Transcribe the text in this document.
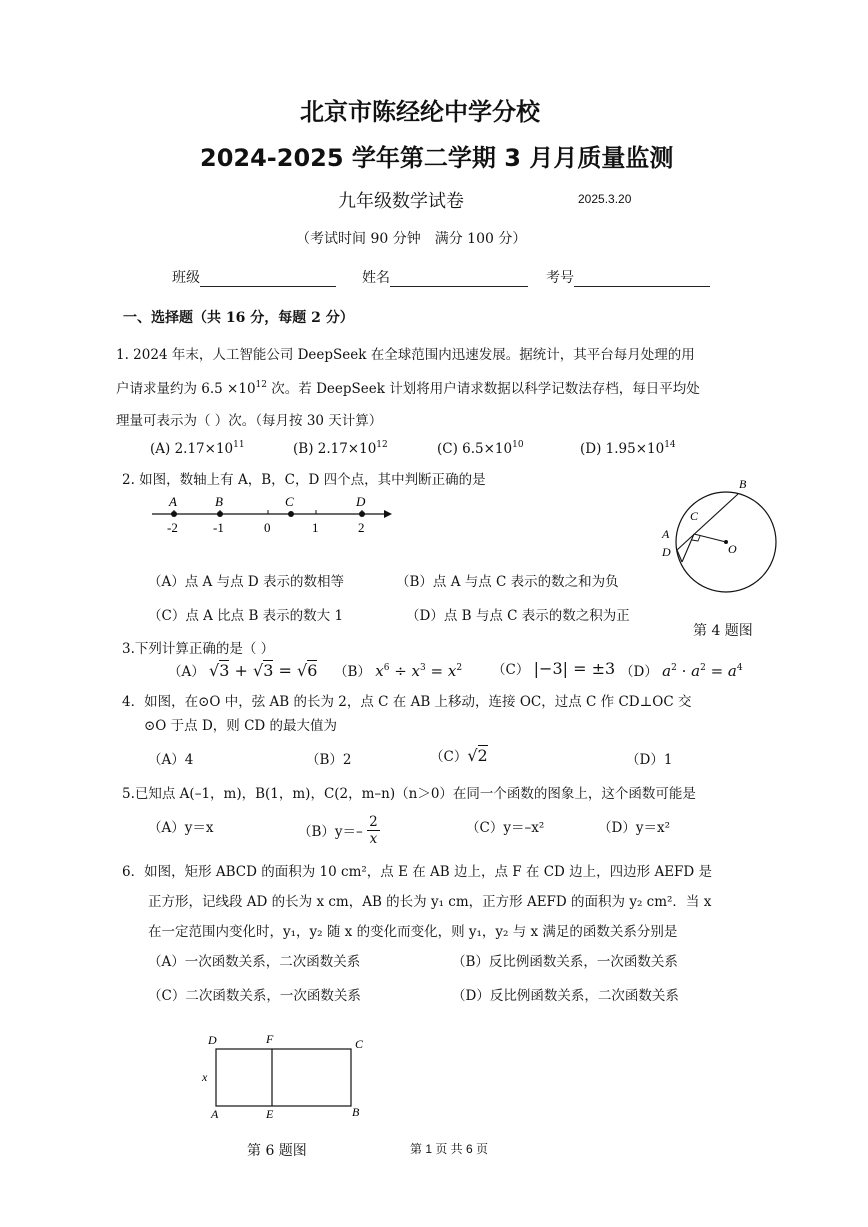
北京市陈经纶中学分校
2024-2025 学年第二学期 3 月月质量监测
九年级数学试卷	2025.3.20
（考试时间 90 分钟　满分 100 分）
班级	姓名	考号
一、选择题（共 16 分，每题 2 分）
1. 2024 年末，人工智能公司 DeepSeek 在全球范围内迅速发展。据统计，其平台每月处理的用
户请求量约为 $6.5 \times 10^{12}$ 次。若 DeepSeek 计划将用户请求数据以科学记数法存档，每日平均处
理量可表示为（ ）次。（每月按 30 天计算）
(A) $2.17\times 10^{11}$	(B) $2.17\times 10^{12}$	(C) $6.5\times 10^{10}$	(D) $1.95\times 10^{14}$
2. 如图，数轴上有 A，B，C，D 四个点，其中判断正确的是
A	B	C	D
-2	-1	0	1	2
（A）点 A 与点 D 表示的数相等	（B）点 A 与点 C 表示的数之和为负
（C）点 A 比点 B 表示的数大 1	（D）点 B 与点 C 表示的数之积为正
B
C
A
D	O
第 4 题图
3.下列计算正确的是（ ）
（A） √3 + √3 = √6 （B） $x^6 \div x^3 = x^2$ （C） |−3| = ±3 （D） $a^2 \cdot a^2 = a^4$
4．如图，在⊙O 中，弦 AB 的长为 2，点 C 在 AB 上移动，连接 OC，过点 C 作 CD⊥OC 交
⊙O 于点 D，则 CD 的最大值为
（A）4	（B）2	（C）√2	（D）1
5.已知点 A(–1，m)，B(1，m)，C(2，m–n)（n＞0）在同一个函数的图象上，这个函数可能是
（A）y＝x	$(B)y=- \frac{2}{x}$	（C）y＝–x²	（D）y＝x²
6．如图，矩形 ABCD 的面积为 10 cm²，点 E 在 AB 边上，点 F 在 CD 边上，四边形 AEFD 是
正方形，记线段 AD 的长为 x cm，AB 的长为 y₁ cm，正方形 AEFD 的面积为 y₂ cm²．当 x
在一定范围内变化时，y₁，y₂ 随 x 的变化而变化，则 y₁，y₂ 与 x 满足的函数关系分别是
（A）一次函数关系，二次函数关系	（B）反比例函数关系，一次函数关系
（C）二次函数关系，一次函数关系	（D）反比例函数关系，二次函数关系
D	F	C
x
A	E	B
第 6 题图	第 1 页 共 6 页
